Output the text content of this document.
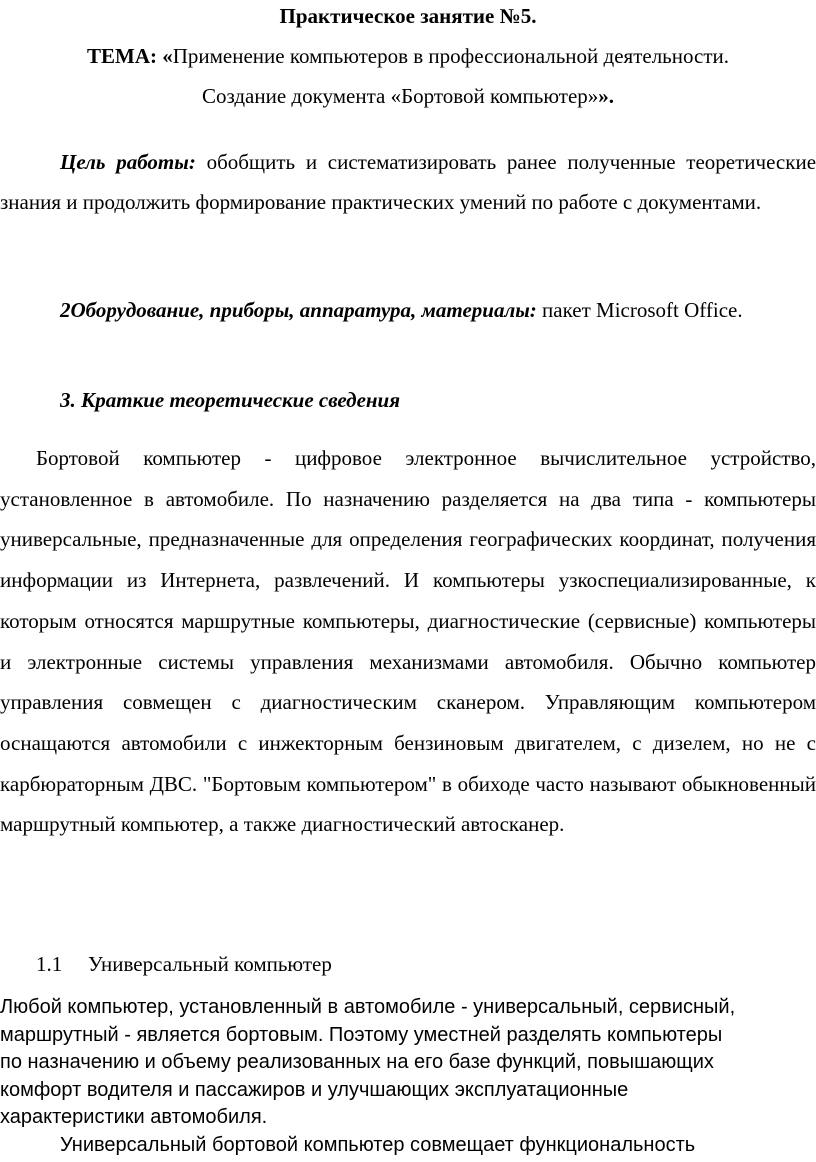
Практическое занятие №5.
ТЕМА: «Применение компьютеров в профессиональной деятельности.
Создание документа «Бортовой компьютер»».

Цель работы: обобщить и систематизировать ранее полученные теоретические знания и продолжить формирование практических умений по работе с документами.

2Оборудование, приборы, аппаратура, материалы: пакет Microsoft Office.

3. Краткие теоретические сведения

Бортовой компьютер - цифровое электронное вычислительное устройство, установленное в автомобиле. По назначению разделяется на два типа - компьютеры универсальные, предназначенные для определения географических координат, получения информации из Интернета, развлечений. И компьютеры узкоспециализированные, к которым относятся маршрутные компьютеры, диагностические (сервисные) компьютеры и электронные системы управления механизмами автомобиля. Обычно компьютер управления совмещен с диагностическим сканером. Управляющим компьютером оснащаются автомобили с инжекторным бензиновым двигателем, с дизелем, но не с карбюраторным ДВС. "Бортовым компьютером" в обиходе часто называют обыкновенный маршрутный компьютер, а также диагностический автосканер.

1.1 Универсальный компьютер
Любой компьютер, установленный в автомобиле - универсальный, сервисный,
маршрутный - является бортовым. Поэтому уместней разделять компьютеры
по назначению и объему реализованных на его базе функций, повышающих
комфорт водителя и пассажиров и улучшающих эксплуатационные
характеристики автомобиля.
Универсальный бортовой компьютер совмещает функциональность
